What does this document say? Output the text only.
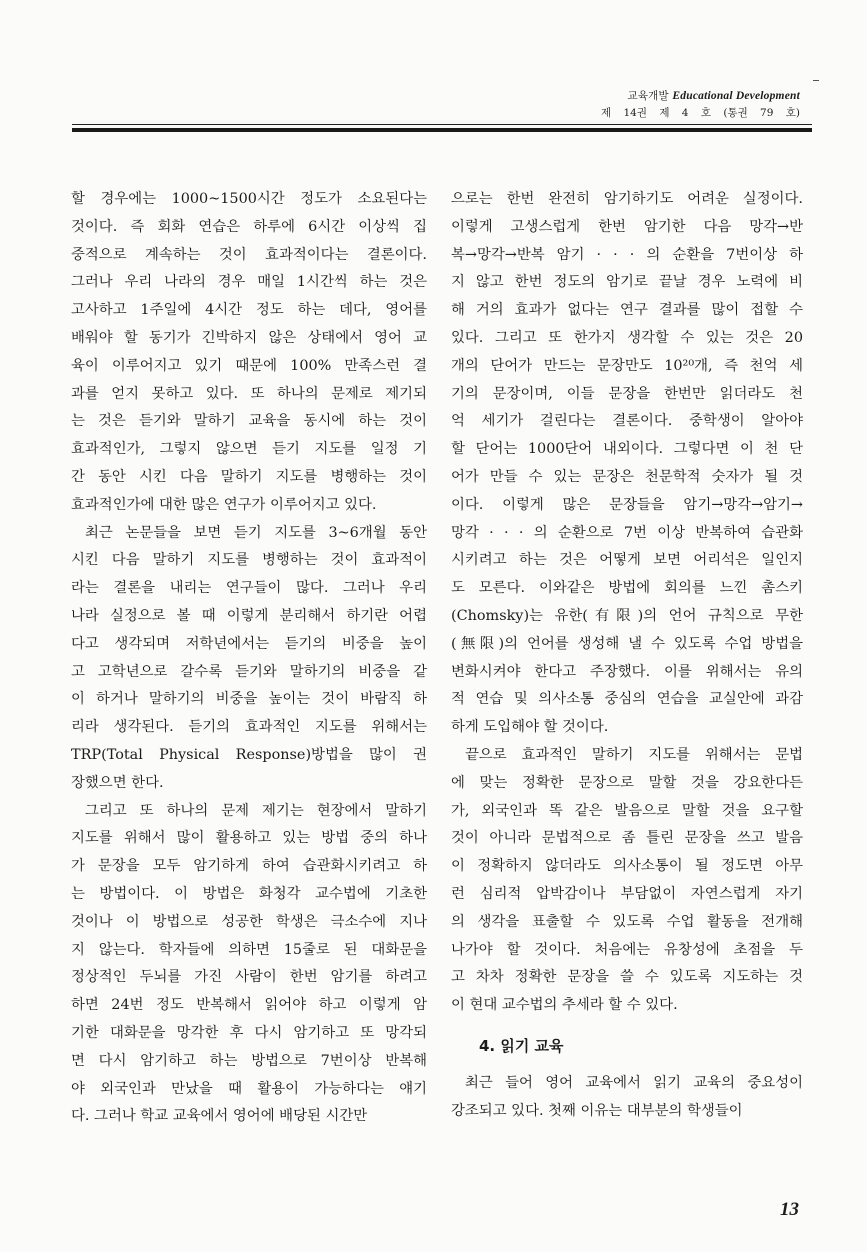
교육개발 Educational Development
제 14권 제 4 호 (통권 79 호)
할 경우에는 1000~1500시간 정도가 소요된다는
것이다. 즉 회화 연습은 하루에 6시간 이상씩 집
중적으로 계속하는 것이 효과적이다는 결론이다.
그러나 우리 나라의 경우 매일 1시간씩 하는 것은
고사하고 1주일에 4시간 정도 하는 데다, 영어를
배워야 할 동기가 긴박하지 않은 상태에서 영어 교
육이 이루어지고 있기 때문에 100% 만족스런 결
과를 얻지 못하고 있다. 또 하나의 문제로 제기되
는 것은 듣기와 말하기 교육을 동시에 하는 것이
효과적인가, 그렇지 않으면 듣기 지도를 일정 기
간 동안 시킨 다음 말하기 지도를 병행하는 것이
효과적인가에 대한 많은 연구가 이루어지고 있다.
최근 논문들을 보면 듣기 지도를 3~6개월 동안
시킨 다음 말하기 지도를 병행하는 것이 효과적이
라는 결론을 내리는 연구들이 많다. 그러나 우리
나라 실정으로 볼 때 이렇게 분리해서 하기란 어렵
다고 생각되며 저학년에서는 듣기의 비중을 높이
고 고학년으로 갈수록 듣기와 말하기의 비중을 같
이 하거나 말하기의 비중을 높이는 것이 바람직 하
리라 생각된다. 듣기의 효과적인 지도를 위해서는
TRP(Total Physical Response)방법을 많이 권
장했으면 한다.
그리고 또 하나의 문제 제기는 현장에서 말하기
지도를 위해서 많이 활용하고 있는 방법 중의 하나
가 문장을 모두 암기하게 하여 습관화시키려고 하
는 방법이다. 이 방법은 화청각 교수법에 기초한
것이나 이 방법으로 성공한 학생은 극소수에 지나
지 않는다. 학자들에 의하면 15줄로 된 대화문을
정상적인 두뇌를 가진 사람이 한번 암기를 하려고
하면 24번 정도 반복해서 읽어야 하고 이렇게 암
기한 대화문을 망각한 후 다시 암기하고 또 망각되
면 다시 암기하고 하는 방법으로 7번이상 반복해
야 외국인과 만났을 때 활용이 가능하다는 얘기
다. 그러나 학교 교육에서 영어에 배당된 시간만
으로는 한번 완전히 암기하기도 어려운 실정이다.
이렇게 고생스럽게 한번 암기한 다음 망각→반
복→망각→반복 암기 · · · 의 순환을 7번이상 하
지 않고 한번 정도의 암기로 끝날 경우 노력에 비
해 거의 효과가 없다는 연구 결과를 많이 접할 수
있다. 그리고 또 한가지 생각할 수 있는 것은 20
개의 단어가 만드는 문장만도 10²⁰개, 즉 천억 세
기의 문장이며, 이들 문장을 한번만 읽더라도 천
억 세기가 걸린다는 결론이다. 중학생이 알아야
할 단어는 1000단어 내외이다. 그렇다면 이 천 단
어가 만들 수 있는 문장은 천문학적 숫자가 될 것
이다. 이렇게 많은 문장들을 암기→망각→암기→
망각 · · · 의 순환으로 7번 이상 반복하여 습관화
시키려고 하는 것은 어떻게 보면 어리석은 일인지
도 모른다. 이와같은 방법에 회의를 느낀 촘스키
(Chomsky)는 유한(有限)의 언어 규칙으로 무한
(無限)의 언어를 생성해 낼 수 있도록 수업 방법을
변화시켜야 한다고 주장했다. 이를 위해서는 유의
적 연습 및 의사소통 중심의 연습을 교실안에 과감
하게 도입해야 할 것이다.
끝으로 효과적인 말하기 지도를 위해서는 문법
에 맞는 정확한 문장으로 말할 것을 강요한다든
가, 외국인과 똑 같은 발음으로 말할 것을 요구할
것이 아니라 문법적으로 좀 틀린 문장을 쓰고 발음
이 정확하지 않더라도 의사소통이 될 정도면 아무
런 심리적 압박감이나 부담없이 자연스럽게 자기
의 생각을 표출할 수 있도록 수업 활동을 전개해
나가야 할 것이다. 처음에는 유창성에 초점을 두
고 차차 정확한 문장을 쓸 수 있도록 지도하는 것
이 현대 교수법의 추세라 할 수 있다.
4. 읽기 교육
최근 들어 영어 교육에서 읽기 교육의 중요성이
강조되고 있다. 첫째 이유는 대부분의 학생들이
13
